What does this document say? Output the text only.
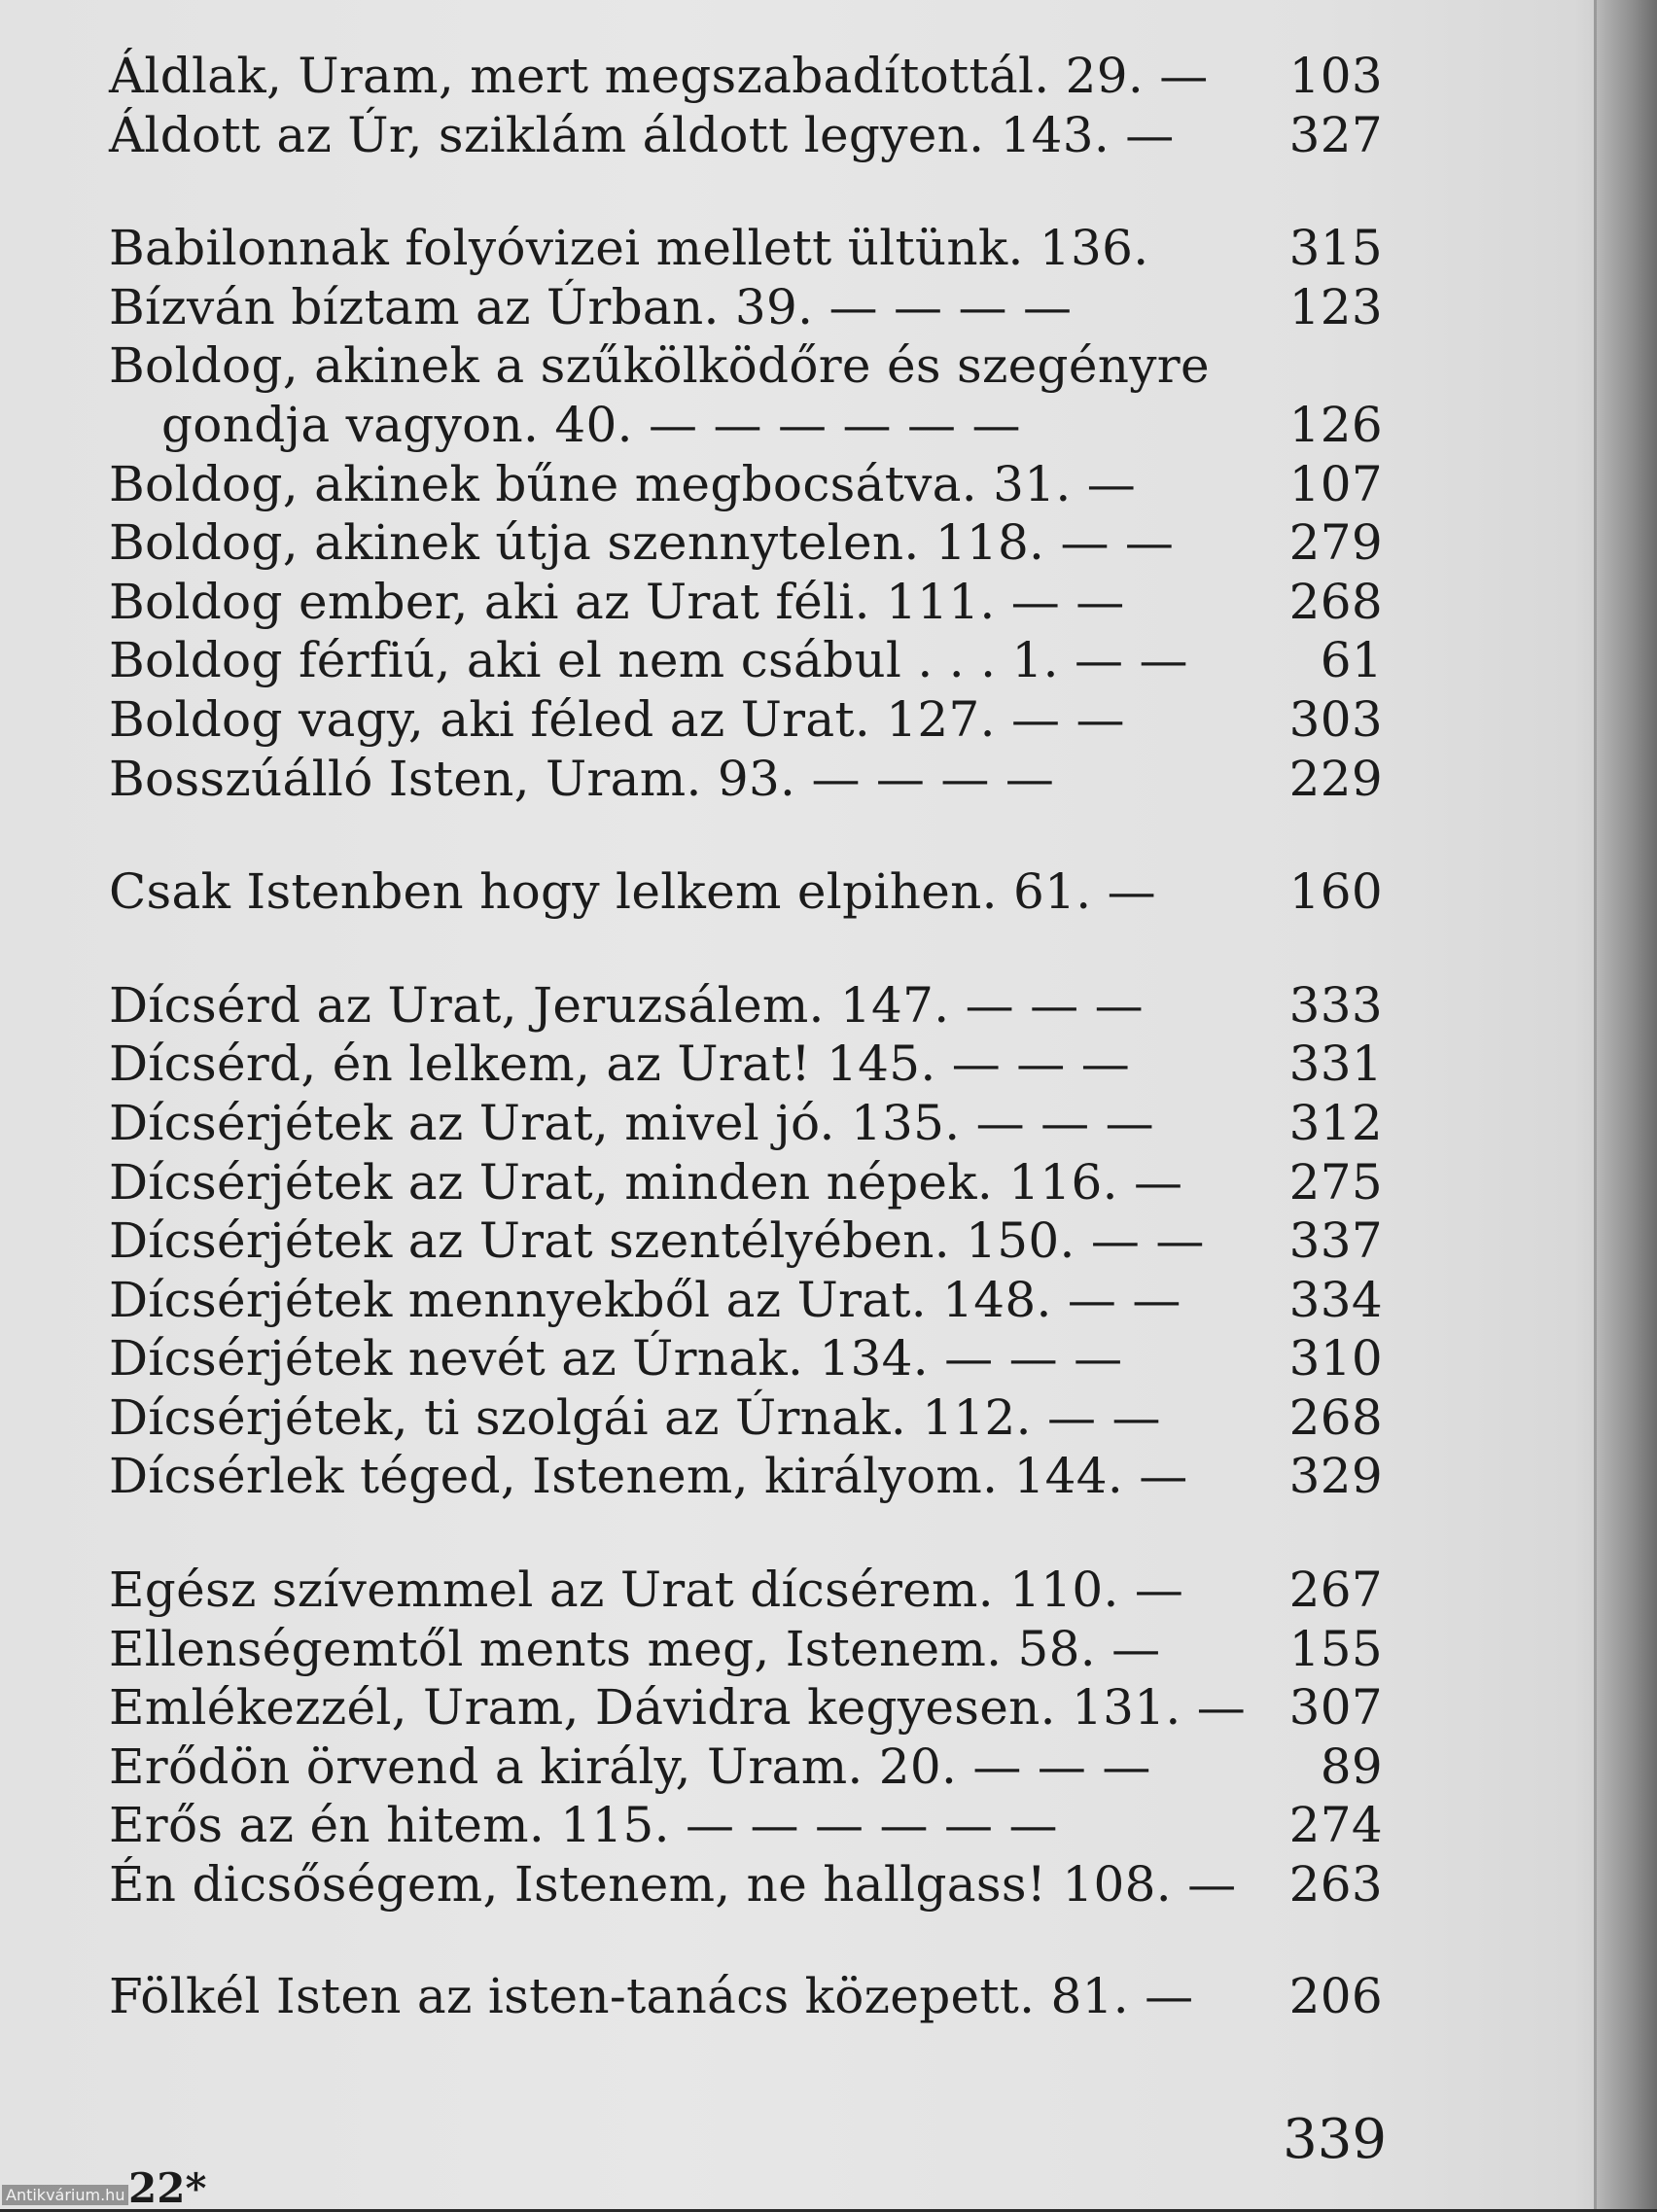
Áldlak, Uram, mert megszabadítottál. 29. — 103
Áldott az Úr, sziklám áldott legyen. 143. — 327
Babilonnak folyóvizei mellett ültünk. 136.	315
Bízván bíztam az Úrban. 39. — — — —	123
Boldog, akinek a szűkölködőre és szegényre
gondja vagyon. 40. — — — — — —	126
Boldog, akinek bűne megbocsátva. 31. —	107
Boldog, akinek útja szennytelen. 118. — — 279
Boldog ember, aki az Urat féli. 111. — —	268
Boldog férfiú, aki el nem csábul . . . 1. — —	61
Boldog vagy, aki féled az Urat. 127. — —	303
Bosszúálló Isten, Uram. 93. — — — —	229
Csak Istenben hogy lelkem elpihen. 61. —	160
Dícsérd az Urat, Jeruzsálem. 147. — — —	333
Dícsérd, én lelkem, az Urat! 145. — — —	331
Dícsérjétek az Urat, mivel jó. 135. — — —	312
Dícsérjétek az Urat, minden népek. 116. — 275
Dícsérjétek az Urat szentélyében. 150. — — 337
Dícsérjétek mennyekből az Urat. 148. — — 334
Dícsérjétek nevét az Úrnak. 134. — — —	310
Dícsérjétek, ti szolgái az Úrnak. 112. — —	268
Dícsérlek téged, Istenem, királyom. 144. — 329
Egész szívemmel az Urat dícsérem. 110. — 267
Ellenségemtől ments meg, Istenem. 58. —	155
Emlékezzél, Uram, Dávidra kegyesen. 131. — 307
Erődön örvend a király, Uram. 20. — — —	89
Erős az én hitem. 115. — — — — — —	274
Én dicsőségem, Istenem, ne hallgass! 108. — 263
Fölkél Isten az isten-tanács közepett. 81. — 206
339
22*
Antikvárium.hu
